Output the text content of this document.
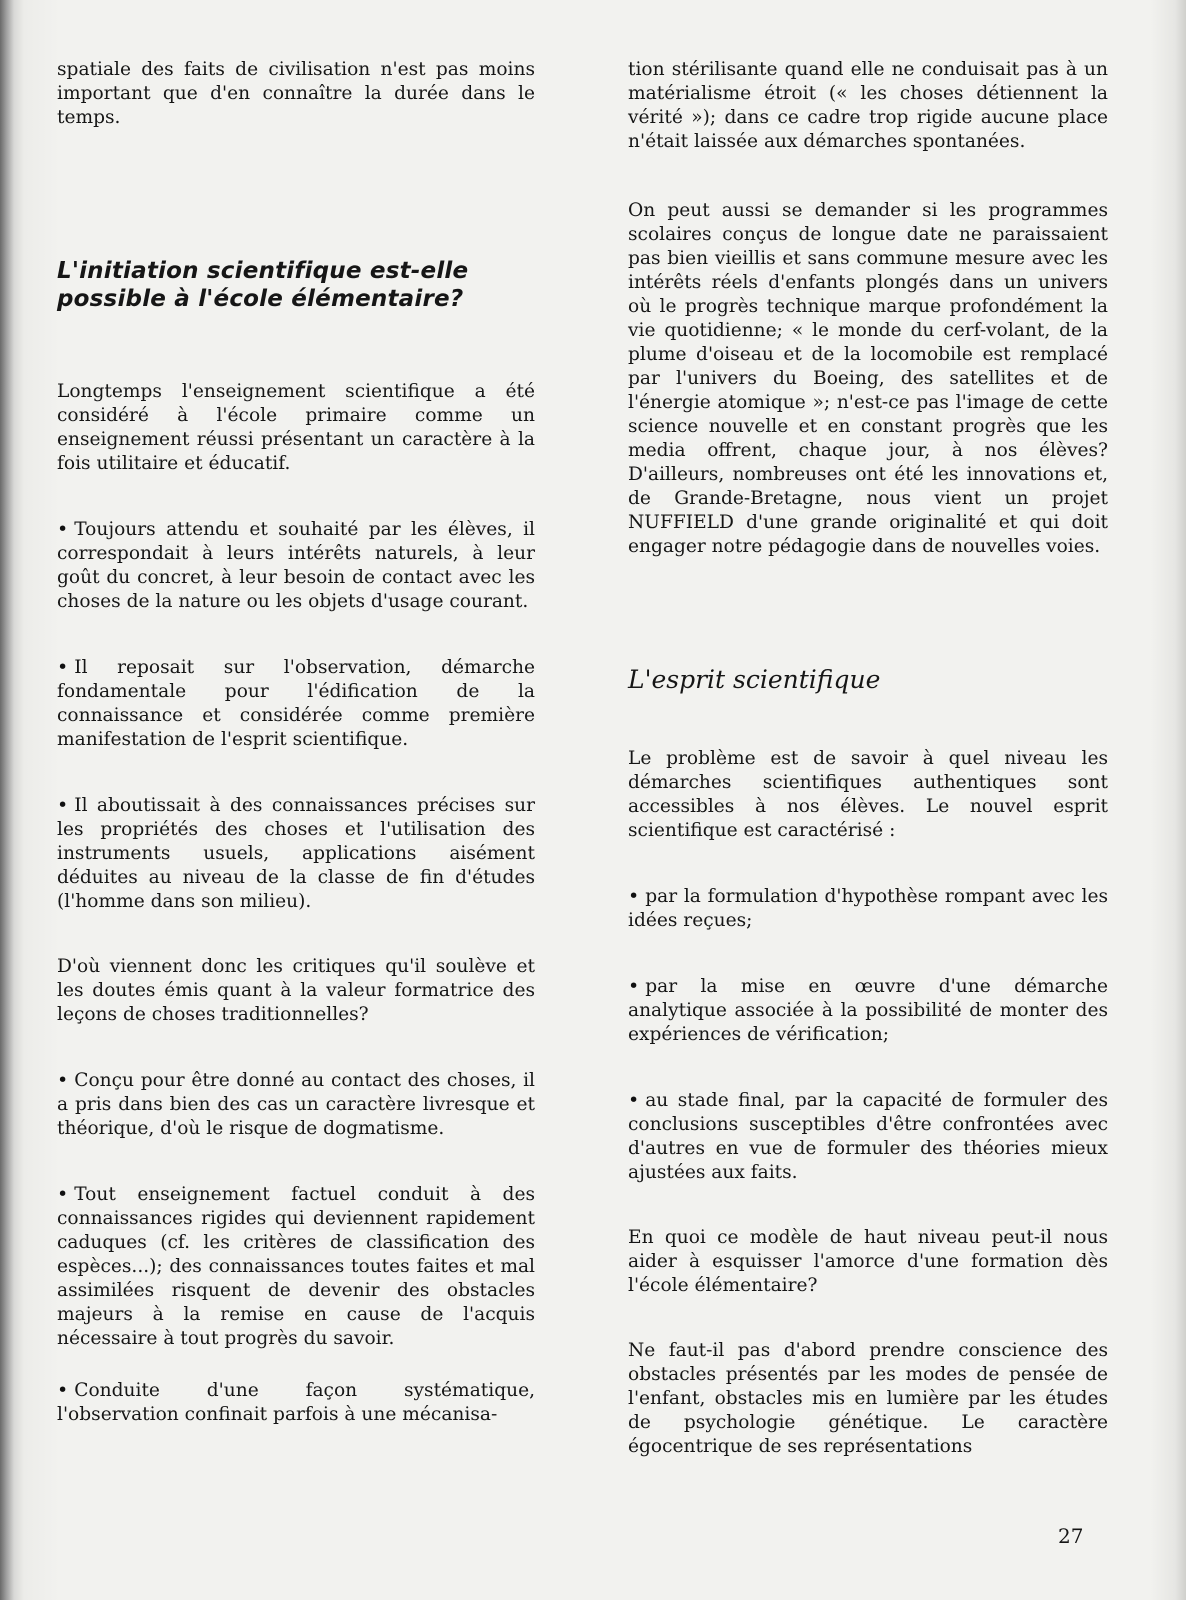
spatiale des faits de civilisation n'est pas moins important que d'en connaître la durée dans le temps.

L'initiation scientifique est-elle possible à l'école élémentaire?

Longtemps l'enseignement scientifique a été considéré à l'école primaire comme un enseignement réussi présentant un caractère à la fois utilitaire et éducatif.

• Toujours attendu et souhaité par les élèves, il correspondait à leurs intérêts naturels, à leur goût du concret, à leur besoin de contact avec les choses de la nature ou les objets d'usage courant.

• Il reposait sur l'observation, démarche fondamentale pour l'édification de la connaissance et considérée comme première manifestation de l'esprit scientifique.

• Il aboutissait à des connaissances précises sur les propriétés des choses et l'utilisation des instruments usuels, applications aisément déduites au niveau de la classe de fin d'études (l'homme dans son milieu).

D'où viennent donc les critiques qu'il soulève et les doutes émis quant à la valeur formatrice des leçons de choses traditionnelles?

• Conçu pour être donné au contact des choses, il a pris dans bien des cas un caractère livresque et théorique, d'où le risque de dogmatisme.

• Tout enseignement factuel conduit à des connaissances rigides qui deviennent rapidement caduques (cf. les critères de classification des espèces...); des connaissances toutes faites et mal assimilées risquent de devenir des obstacles majeurs à la remise en cause de l'acquis nécessaire à tout progrès du savoir.

• Conduite d'une façon systématique, l'observation confinait parfois à une mécanisa-

tion stérilisante quand elle ne conduisait pas à un matérialisme étroit (« les choses détiennent la vérité »); dans ce cadre trop rigide aucune place n'était laissée aux démarches spontanées.

On peut aussi se demander si les programmes scolaires conçus de longue date ne paraissaient pas bien vieillis et sans commune mesure avec les intérêts réels d'enfants plongés dans un univers où le progrès technique marque profondément la vie quotidienne; « le monde du cerf-volant, de la plume d'oiseau et de la locomobile est remplacé par l'univers du Boeing, des satellites et de l'énergie atomique »; n'est-ce pas l'image de cette science nouvelle et en constant progrès que les media offrent, chaque jour, à nos élèves? D'ailleurs, nombreuses ont été les innovations et, de Grande-Bretagne, nous vient un projet NUFFIELD d'une grande originalité et qui doit engager notre pédagogie dans de nouvelles voies.

L'esprit scientifique

Le problème est de savoir à quel niveau les démarches scientifiques authentiques sont accessibles à nos élèves. Le nouvel esprit scientifique est caractérisé :

• par la formulation d'hypothèse rompant avec les idées reçues;

• par la mise en œuvre d'une démarche analytique associée à la possibilité de monter des expériences de vérification;

• au stade final, par la capacité de formuler des conclusions susceptibles d'être confrontées avec d'autres en vue de formuler des théories mieux ajustées aux faits.

En quoi ce modèle de haut niveau peut-il nous aider à esquisser l'amorce d'une formation dès l'école élémentaire?

Ne faut-il pas d'abord prendre conscience des obstacles présentés par les modes de pensée de l'enfant, obstacles mis en lumière par les études de psychologie génétique. Le caractère égocentrique de ses représentations

27
